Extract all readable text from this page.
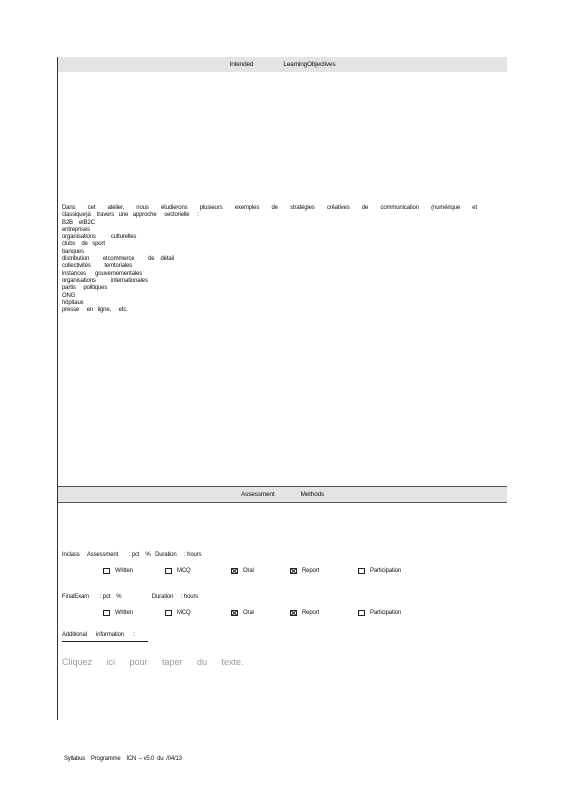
Intended	LearningObjectives
Dans cet atelier, nous étudierons plusieurs exemples de stratégies créatives de communication (numérique et
classique)à    travers   une   approche     sectorielle     :
B2B    etB2C
entreprises
organisations          culturelles
clubs    de   sport
banques
distribution         etcommerce         de    détail
collectivités         territoriales
instances      gouvernementales
organisations          internationales
partis     politiques
ONG
hôpitaux
presse     en   ligne,     etc.
Assessment	Methods
Inclass     Assessment       : pct    %   Duration     : hours
Written	MCQ	Oral	Report	Participation
FinalExam       : pct    %                    Duration     : hours
Written	MCQ	Oral	Report	Participation
Additional      information      :
Cliquez ici pour taper du texte.
Syllabus    Programme    ICN  – v5.0  du  /04/13
